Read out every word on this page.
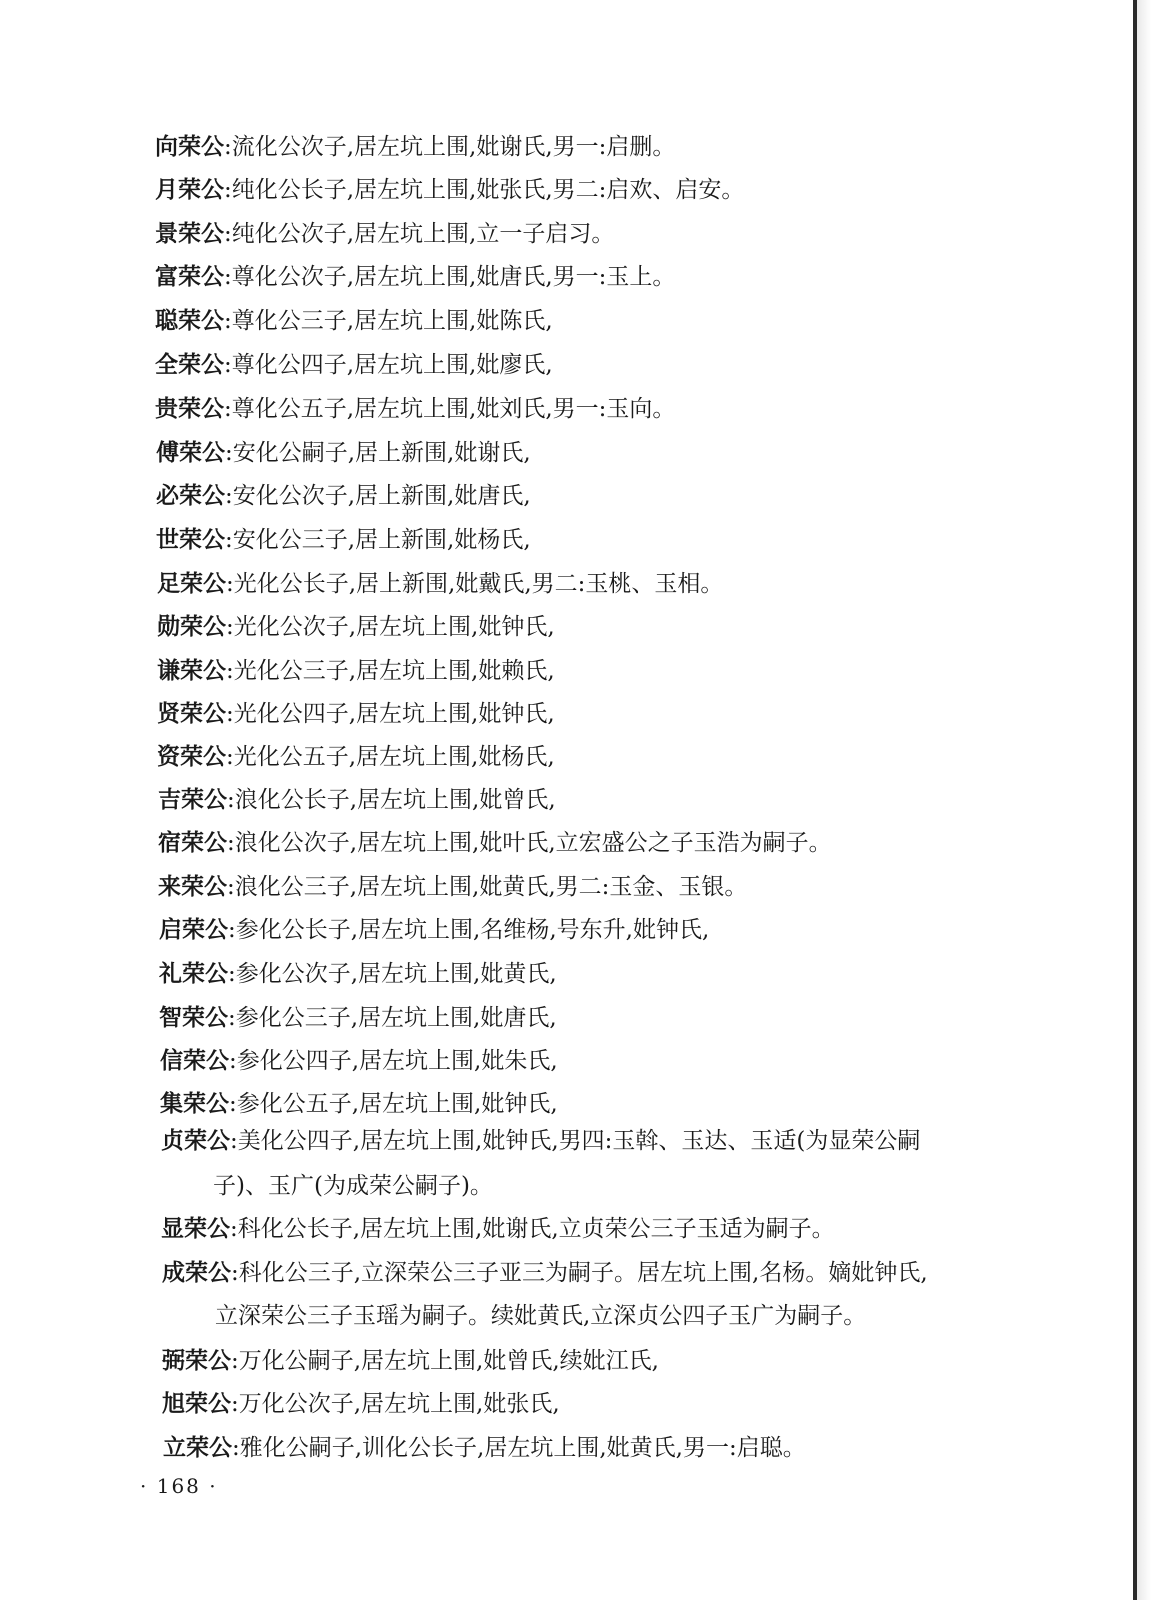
向荣公:流化公次子,居左坑上围,妣谢氏,男一:启删。
月荣公:纯化公长子,居左坑上围,妣张氏,男二:启欢、启安。
景荣公:纯化公次子,居左坑上围,立一子启习。
富荣公:尊化公次子,居左坑上围,妣唐氏,男一:玉上。
聪荣公:尊化公三子,居左坑上围,妣陈氏,
全荣公:尊化公四子,居左坑上围,妣廖氏,
贵荣公:尊化公五子,居左坑上围,妣刘氏,男一:玉向。
傅荣公:安化公嗣子,居上新围,妣谢氏,
必荣公:安化公次子,居上新围,妣唐氏,
世荣公:安化公三子,居上新围,妣杨氏,
足荣公:光化公长子,居上新围,妣戴氏,男二:玉桃、玉相。
勋荣公:光化公次子,居左坑上围,妣钟氏,
谦荣公:光化公三子,居左坑上围,妣赖氏,
贤荣公:光化公四子,居左坑上围,妣钟氏,
资荣公:光化公五子,居左坑上围,妣杨氏,
吉荣公:浪化公长子,居左坑上围,妣曾氏,
宿荣公:浪化公次子,居左坑上围,妣叶氏,立宏盛公之子玉浩为嗣子。
来荣公:浪化公三子,居左坑上围,妣黄氏,男二:玉金、玉银。
启荣公:参化公长子,居左坑上围,名维杨,号东升,妣钟氏,
礼荣公:参化公次子,居左坑上围,妣黄氏,
智荣公:参化公三子,居左坑上围,妣唐氏,
信荣公:参化公四子,居左坑上围,妣朱氏,
集荣公:参化公五子,居左坑上围,妣钟氏,
贞荣公:美化公四子,居左坑上围,妣钟氏,男四:玉斡、玉达、玉适(为显荣公嗣
子)、玉广(为成荣公嗣子)。
显荣公:科化公长子,居左坑上围,妣谢氏,立贞荣公三子玉适为嗣子。
成荣公:科化公三子,立深荣公三子亚三为嗣子。居左坑上围,名杨。嫡妣钟氏,
立深荣公三子玉瑶为嗣子。续妣黄氏,立深贞公四子玉广为嗣子。
弼荣公:万化公嗣子,居左坑上围,妣曾氏,续妣江氏,
旭荣公:万化公次子,居左坑上围,妣张氏,
立荣公:雅化公嗣子,训化公长子,居左坑上围,妣黄氏,男一:启聪。
· 168 ·
